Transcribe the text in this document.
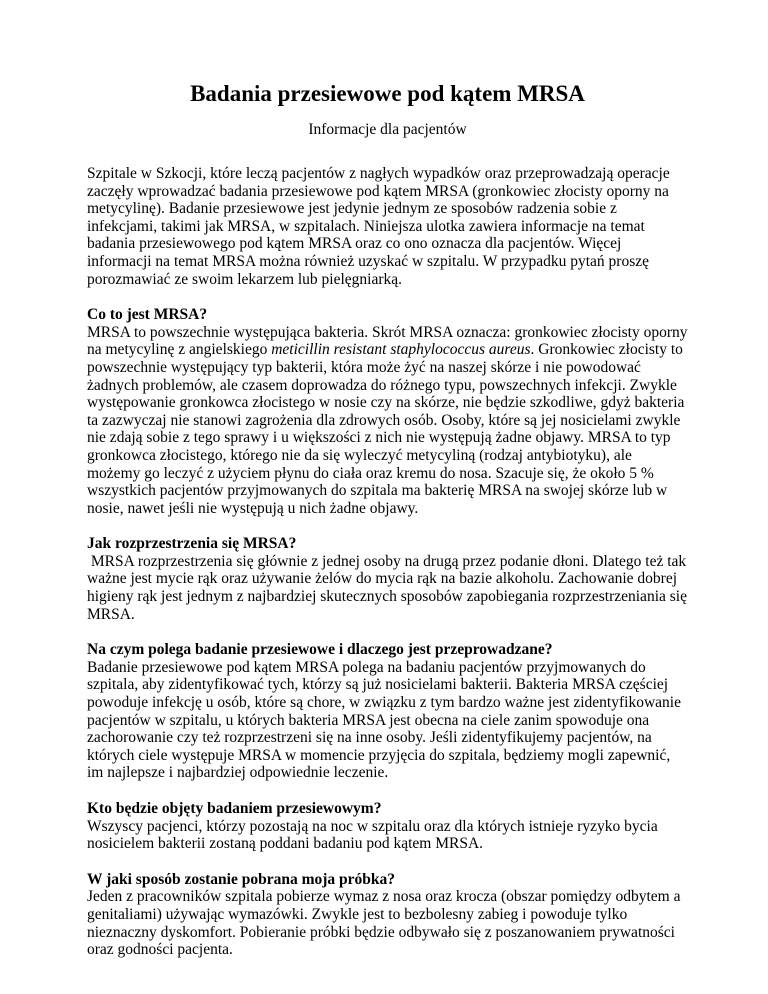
Badania przesiewowe pod kątem MRSA

Informacje dla pacjentów

Szpitale w Szkocji, które leczą pacjentów z nagłych wypadków oraz przeprowadzają operacje zaczęły wprowadzać badania przesiewowe pod kątem MRSA (gronkowiec złocisty oporny na metycylinę). Badanie przesiewowe jest jedynie jednym ze sposobów radzenia sobie z infekcjami, takimi jak MRSA, w szpitalach. Niniejsza ulotka zawiera informacje na temat badania przesiewowego pod kątem MRSA oraz co ono oznacza dla pacjentów. Więcej informacji na temat MRSA można również uzyskać w szpitalu. W przypadku pytań proszę porozmawiać ze swoim lekarzem lub pielęgniarką.

Co to jest MRSA?

MRSA to powszechnie występująca bakteria. Skrót MRSA oznacza: gronkowiec złocisty oporny na metycylinę z angielskiego meticillin resistant staphylococcus aureus. Gronkowiec złocisty to powszechnie występujący typ bakterii, która może żyć na naszej skórze i nie powodować żadnych problemów, ale czasem doprowadza do różnego typu, powszechnych infekcji. Zwykle występowanie gronkowca złocistego w nosie czy na skórze, nie będzie szkodliwe, gdyż bakteria ta zazwyczaj nie stanowi zagrożenia dla zdrowych osób. Osoby, które są jej nosicielami zwykle nie zdają sobie z tego sprawy i u większości z nich nie występują żadne objawy. MRSA to typ gronkowca złocistego, którego nie da się wyleczyć metycyliną (rodzaj antybiotyku), ale możemy go leczyć z użyciem płynu do ciała oraz kremu do nosa. Szacuje się, że około 5 % wszystkich pacjentów przyjmowanych do szpitala ma bakterię MRSA na swojej skórze lub w nosie, nawet jeśli nie występują u nich żadne objawy.

Jak rozprzestrzenia się MRSA?

MRSA rozprzestrzenia się głównie z jednej osoby na drugą przez podanie dłoni. Dlatego też tak ważne jest mycie rąk oraz używanie żelów do mycia rąk na bazie alkoholu. Zachowanie dobrej higieny rąk jest jednym z najbardziej skutecznych sposobów zapobiegania rozprzestrzeniania się MRSA.

Na czym polega badanie przesiewowe i dlaczego jest przeprowadzane?

Badanie przesiewowe pod kątem MRSA polega na badaniu pacjentów przyjmowanych do szpitala, aby zidentyfikować tych, którzy są już nosicielami bakterii. Bakteria MRSA częściej powoduje infekcję u osób, które są chore, w związku z tym bardzo ważne jest zidentyfikowanie pacjentów w szpitalu, u których bakteria MRSA jest obecna na ciele zanim spowoduje ona zachorowanie czy też rozprzestrzeni się na inne osoby. Jeśli zidentyfikujemy pacjentów, na których ciele występuje MRSA w momencie przyjęcia do szpitala, będziemy mogli zapewnić, im najlepsze i najbardziej odpowiednie leczenie.

Kto będzie objęty badaniem przesiewowym?

Wszyscy pacjenci, którzy pozostają na noc w szpitalu oraz dla których istnieje ryzyko bycia nosicielem bakterii zostaną poddani badaniu pod kątem MRSA.

W jaki sposób zostanie pobrana moja próbka?

Jeden z pracowników szpitala pobierze wymaz z nosa oraz krocza (obszar pomiędzy odbytem a genitaliami) używając wymazówki. Zwykle jest to bezbolesny zabieg i powoduje tylko nieznaczny dyskomfort. Pobieranie próbki będzie odbywało się z poszanowaniem prywatności oraz godności pacjenta.
